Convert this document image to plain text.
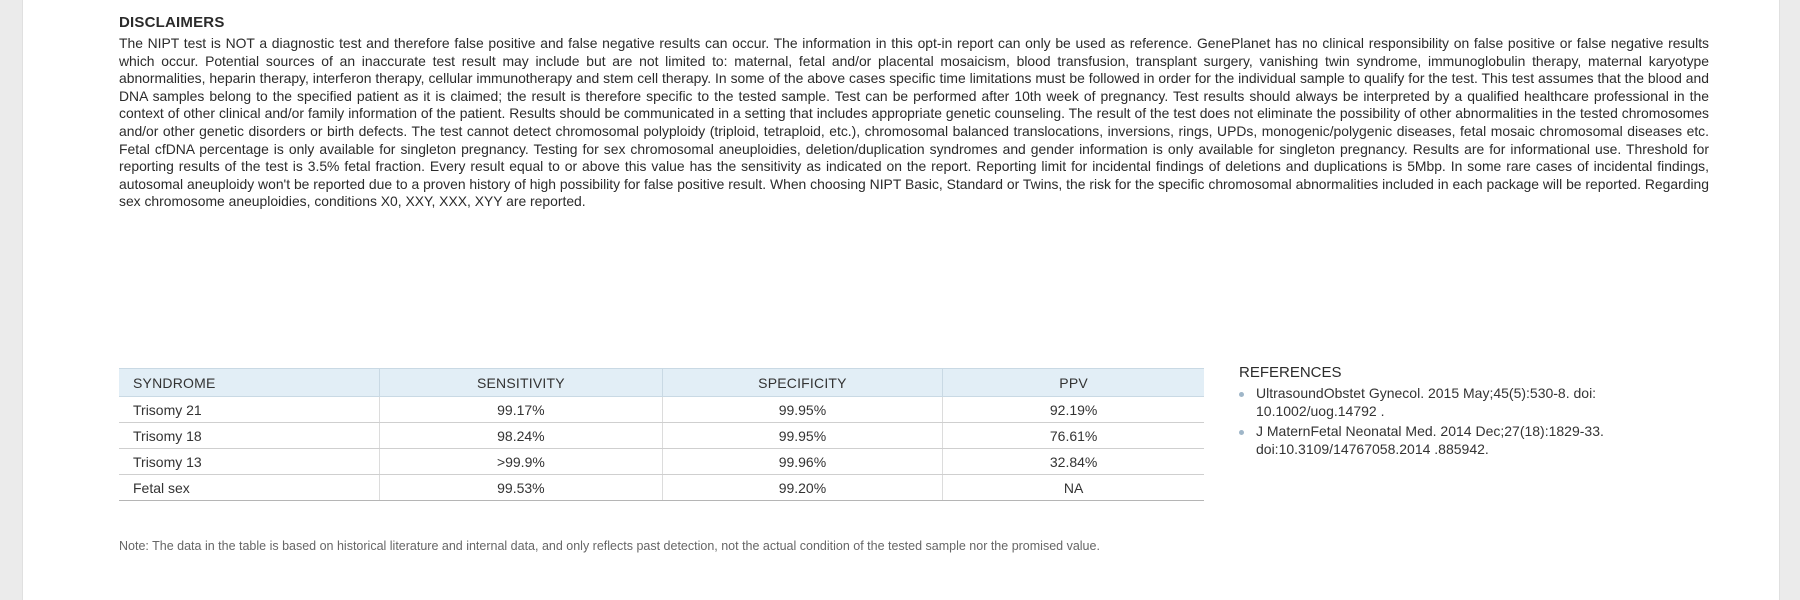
DISCLAIMERS

The NIPT test is NOT a diagnostic test and therefore false positive and false negative results can occur. The information in this opt-in report can only be used as reference. GenePlanet has no clinical responsibility on false positive or false negative results which occur. Potential sources of an inaccurate test result may include but are not limited to: maternal, fetal and/or placental mosaicism, blood transfusion, transplant surgery, vanishing twin syndrome, immunoglobulin therapy, maternal karyotype abnormalities, heparin therapy, interferon therapy, cellular immunotherapy and stem cell therapy. In some of the above cases specific time limitations must be followed in order for the individual sample to qualify for the test. This test assumes that the blood and DNA samples belong to the specified patient as it is claimed; the result is therefore specific to the tested sample. Test can be performed after 10th week of pregnancy. Test results should always be interpreted by a qualified healthcare professional in the context of other clinical and/or family information of the patient. Results should be communicated in a setting that includes appropriate genetic counseling. The result of the test does not eliminate the possibility of other abnormalities in the tested chromosomes and/or other genetic disorders or birth defects. The test cannot detect chromosomal polyploidy (triploid, tetraploid, etc.), chromosomal balanced translocations, inversions, rings, UPDs, monogenic/polygenic diseases, fetal mosaic chromosomal diseases etc. Fetal cfDNA percentage is only available for singleton pregnancy. Testing for sex chromosomal aneuploidies, deletion/duplication syndromes and gender information is only available for singleton pregnancy. Results are for informational use. Threshold for reporting results of the test is 3.5% fetal fraction. Every result equal to or above this value has the sensitivity as indicated on the report. Reporting limit for incidental findings of deletions and duplications is 5Mbp. In some rare cases of incidental findings, autosomal aneuploidy won't be reported due to a proven history of high possibility for false positive result. When choosing NIPT Basic, Standard or Twins, the risk for the specific chromosomal abnormalities included in each package will be reported. Regarding sex chromosome aneuploidies, conditions X0, XXY, XXX, XYY are reported.

SYNDROME	SENSITIVITY	SPECIFICITY	PPV
Trisomy 21	99.17%	99.95%	92.19%
Trisomy 18	98.24%	99.95%	76.61%
Trisomy 13	>99.9%	99.96%	32.84%
Fetal sex	99.53%	99.20%	NA

Note: The data in the table is based on historical literature and internal data, and only reflects past detection, not the actual condition of the tested sample nor the promised value.

REFERENCES
UltrasoundObstet Gynecol. 2015 May;45(5):530-8. doi: 10.1002/uog.14792 .
J MaternFetal Neonatal Med. 2014 Dec;27(18):1829-33. doi:10.3109/14767058.2014 .885942.
